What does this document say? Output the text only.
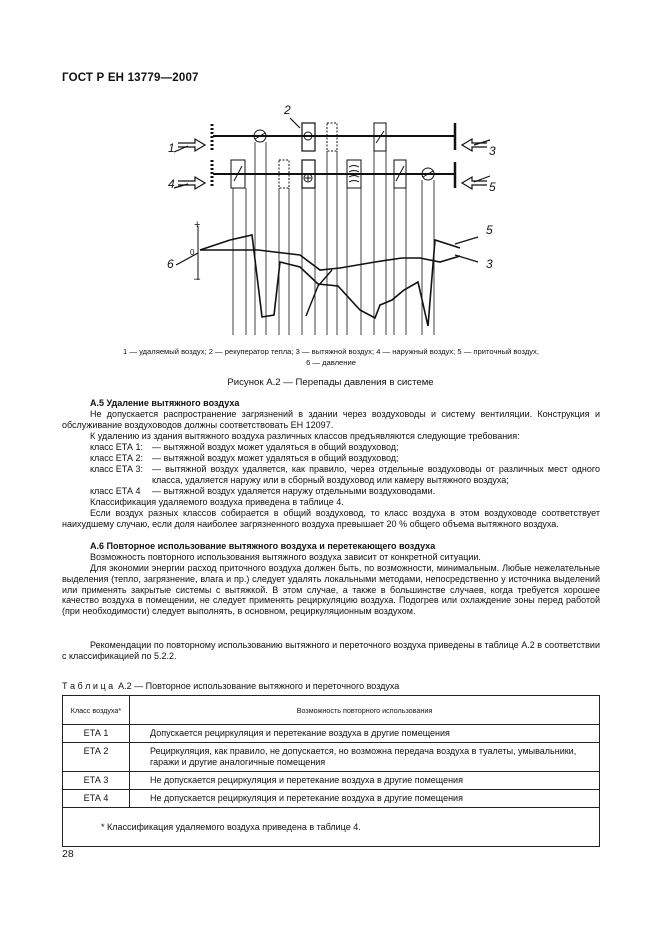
ГОСТ Р ЕН 13779—2007
1
4
2
3
5
6
5
3
+
0
–
1 — удаляемый воздух; 2 — рекуператор тепла; 3 — вытяжной воздух; 4 — наружный воздух; 5 — приточный воздух,
6 — давление
Рисунок А.2 — Перепады давления в системе
А.5 Удаление вытяжного воздуха
Не допускается распространение загрязнений в здании через воздуховоды и систему вентиляции. Конструкция и обслуживание воздуховодов должны соответствовать ЕН 12097.
К удалению из здания вытяжного воздуха различных классов предъявляются следующие требования:
класс ЕТА 1: — вытяжной воздух может удаляться в общий воздуховод;
класс ЕТА 2: — вытяжной воздух может удаляться в общий воздуховод;
класс ЕТА 3: — вытяжной воздух удаляется, как правило, через отдельные воздуховоды от различных мест одного класса, удаляется наружу или в сборный воздуховод или камеру вытяжного воздуха;
класс ЕТА 4 — вытяжной воздух удаляется наружу отдельными воздуховодами.
Классификация удаляемого воздуха приведена в таблице 4.
Если воздух разных классов собирается в общий воздуховод, то класс воздуха в этом воздуховоде соответствует наихудшему случаю, если доля наиболее загрязненного воздуха превышает 20 % общего объема вытяжного воздуха.
А.6 Повторное использование вытяжного воздуха и перетекающего воздуха
Возможность повторного использования вытяжного воздуха зависит от конкретной ситуации.
Для экономии энергии расход приточного воздуха должен быть, по возможности, минимальным. Любые нежелательные выделения (тепло, загрязнение, влага и пр.) следует удалять локальными методами, непосредственно у источника выделений или применять закрытые системы с вытяжкой. В этом случае, а также в большинстве случаев, когда требуется хорошее качество воздуха в помещении, не следует применять рециркуляцию воздуха. Подогрев или охлаждение зоны перед работой (при необходимости) следует выполнять, в основном, рециркуляционным воздухом.
Рекомендации по повторному использованию вытяжного и переточного воздуха приведены в таблице А.2 в соответствии с классификацией по 5.2.2.
Т а б л и ц а А.2 — Повторное использование вытяжного и переточного воздуха
Класс воздуха*	Возможность повторного использования
ЕТА 1	Допускается рециркуляция и перетекание воздуха в другие помещения
ЕТА 2	Рециркуляция, как правило, не допускается, но возможна передача воздуха в туалеты, умывальники, гаражи и другие аналогичные помещения
ЕТА 3	Не допускается рециркуляция и перетекание воздуха в другие помещения
ЕТА 4	Не допускается рециркуляция и перетекание воздуха в другие помещения
* Классификация удаляемого воздуха приведена в таблице 4.	
28
